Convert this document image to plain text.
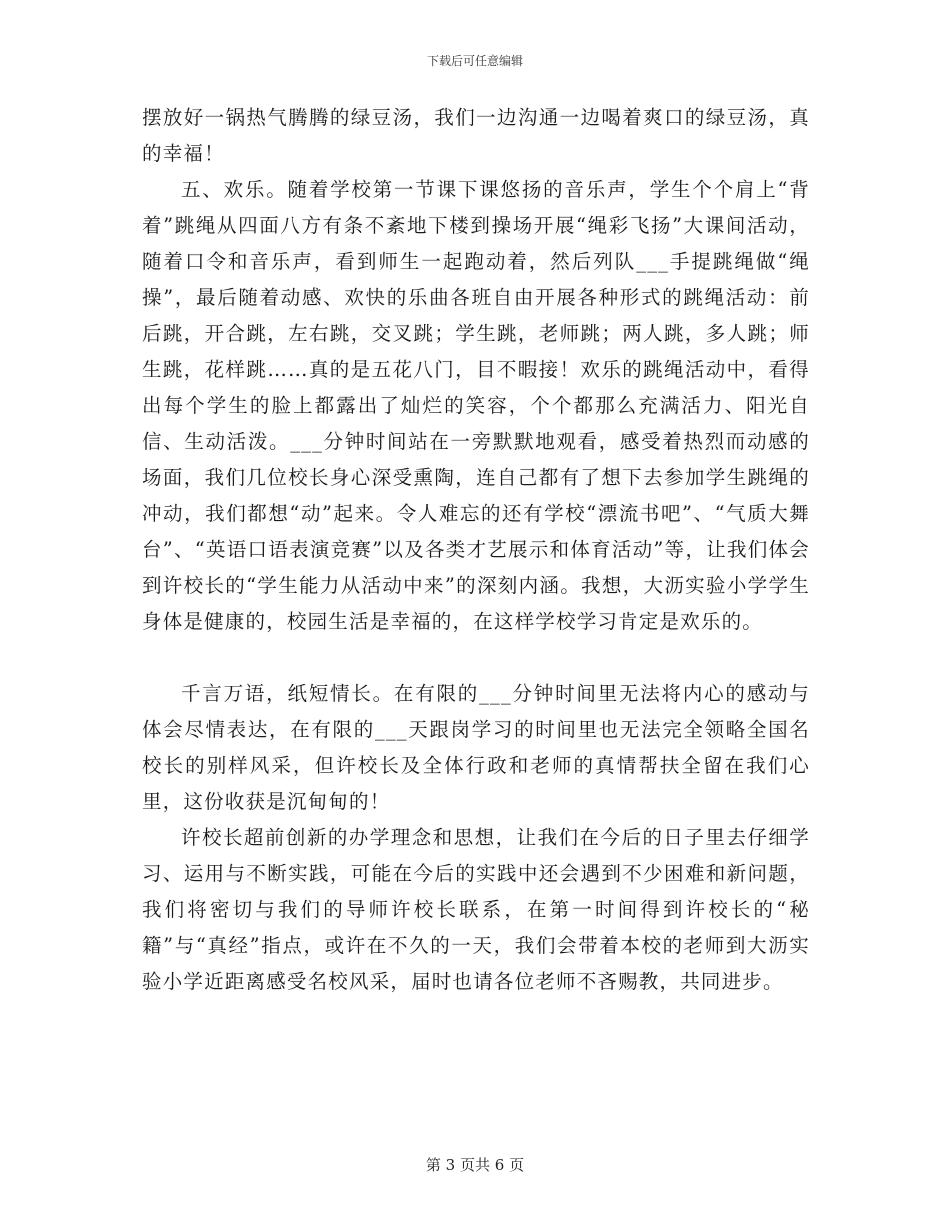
下载后可任意编辑

摆放好一锅热气腾腾的绿豆汤，我们一边沟通一边喝着爽口的绿豆汤，真的幸福！

五、欢乐。随着学校第一节课下课悠扬的音乐声，学生个个肩上“背着”跳绳从四面八方有条不紊地下楼到操场开展“绳彩飞扬”大课间活动，随着口令和音乐声，看到师生一起跑动着，然后列队___手提跳绳做“绳操”，最后随着动感、欢快的乐曲各班自由开展各种形式的跳绳活动：前后跳，开合跳，左右跳，交叉跳；学生跳，老师跳；两人跳，多人跳；师生跳，花样跳……真的是五花八门，目不暇接！欢乐的跳绳活动中，看得出每个学生的脸上都露出了灿烂的笑容，个个都那么充满活力、阳光自信、生动活泼。___分钟时间站在一旁默默地观看，感受着热烈而动感的场面，我们几位校长身心深受熏陶，连自己都有了想下去参加学生跳绳的冲动，我们都想“动”起来。令人难忘的还有学校“漂流书吧”、“气质大舞台”、“英语口语表演竞赛”以及各类才艺展示和体育活动”等，让我们体会到许校长的“学生能力从活动中来”的深刻内涵。我想，大沥实验小学学生身体是健康的，校园生活是幸福的，在这样学校学习肯定是欢乐的。

千言万语，纸短情长。在有限的___分钟时间里无法将内心的感动与体会尽情表达，在有限的___天跟岗学习的时间里也无法完全领略全国名校长的别样风采，但许校长及全体行政和老师的真情帮扶全留在我们心里，这份收获是沉甸甸的！

许校长超前创新的办学理念和思想，让我们在今后的日子里去仔细学习、运用与不断实践，可能在今后的实践中还会遇到不少困难和新问题，我们将密切与我们的导师许校长联系，在第一时间得到许校长的“秘籍”与“真经”指点，或许在不久的一天，我们会带着本校的老师到大沥实验小学近距离感受名校风采，届时也请各位老师不吝赐教，共同进步。

第 3 页共 6 页
